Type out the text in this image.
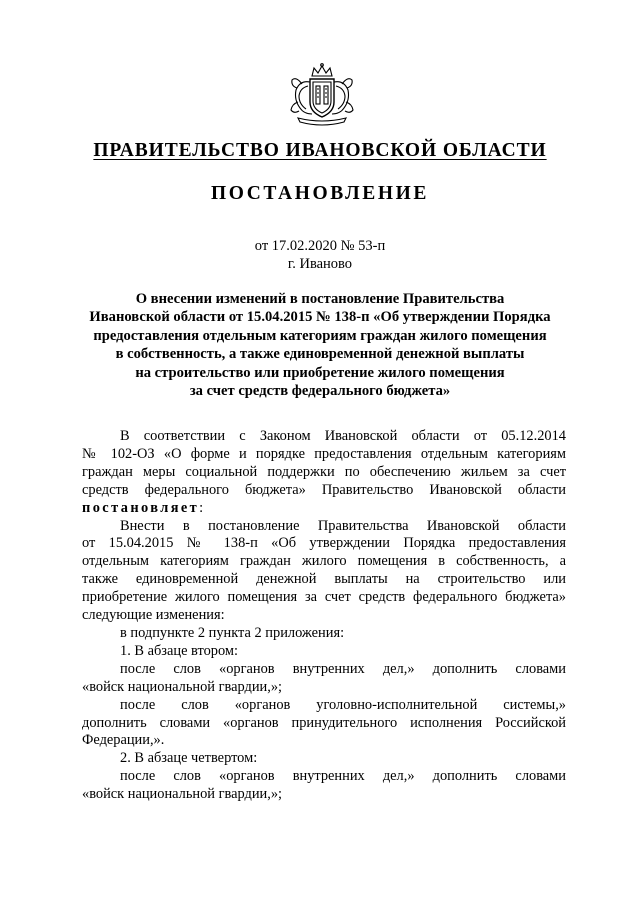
ПРАВИТЕЛЬСТВО ИВАНОВСКОЙ ОБЛАСТИ
ПОСТАНОВЛЕНИЕ
от 17.02.2020 № 53-п
г. Иваново
О внесении изменений в постановление Правительства
Ивановской области от 15.04.2015 № 138-п «Об утверждении Порядка
предоставления отдельным категориям граждан жилого помещения
в собственность, а также единовременной денежной выплаты
на строительство или приобретение жилого помещения
за счет средств федерального бюджета»

В соответствии с Законом Ивановской области от 05.12.2014

№ 102-ОЗ «О форме и порядке предоставления отдельным категориям

граждан меры социальной поддержки по обеспечению жильем за счет

средств федерального бюджета» Правительство Ивановской области

постановляет:

Внести в постановление Правительства Ивановской области

от 15.04.2015 № 138-п «Об утверждении Порядка предоставления

отдельным категориям граждан жилого помещения в собственность, а

также единовременной денежной выплаты на строительство или

приобретение жилого помещения за счет средств федерального бюджета»

следующие изменения:

в подпункте 2 пункта 2 приложения:

1. В абзаце втором:

после слов «органов внутренних дел,» дополнить словами

«войск национальной гвардии,»;

после слов «органов уголовно-исполнительной системы,»

дополнить словами «органов принудительного исполнения Российской

Федерации,».

2. В абзаце четвертом:

после слов «органов внутренних дел,» дополнить словами

«войск национальной гвардии,»;
